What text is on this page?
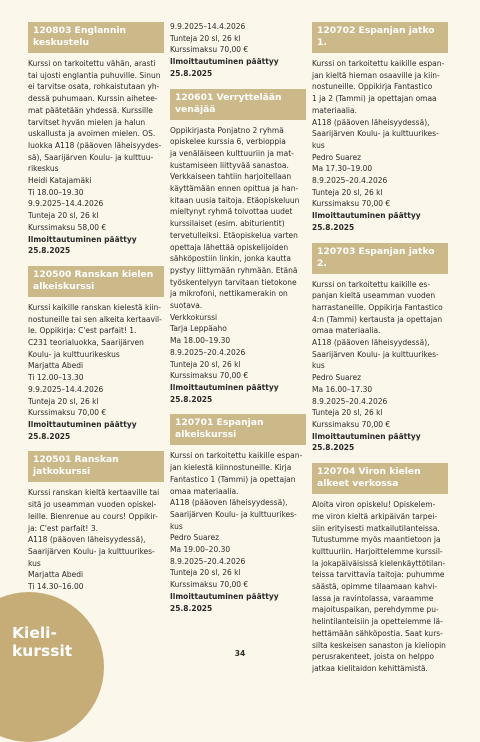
120803 Englannin keskustelu

Kurssi on tarkoitettu vähän, arasti

tai ujosti englantia puhuville. Sinun

ei tarvitse osata, rohkaistutaan yh-

dessä puhumaan. Kurssin aiheteе-

mat päätetään yhdessä. Kurssille

tarvitset hyvän mielen ja halun

uskallusta ja avoimen mielen. OS.

luokka A118 (pääoven läheisyydes-

sä), Saarijärven Koulu- ja kulttuu-

rikeskus

Heidi Katajamäki

Ti 18.00–19.30

9.9.2025–14.4.2026

Tunteja 20 sl, 26 kl

Kurssimaksu 58,00 €

Ilmoittautuminen päättyy

25.8.2025

120500 Ranskan kielen alkeiskurssi

Kurssi kaikille ranskan kielestä kiin-

nostuneille tai sen alkeita kertaavil-

le. Oppikirja: C'est parfait! 1.

C231 teorialuokka, Saarijärven

Koulu- ja kulttuurikeskus

Marjatta Abedi

Ti 12.00–13.30

9.9.2025–14.4.2026

Tunteja 20 sl, 26 kl

Kurssimaksu 70,00 €

Ilmoittautuminen päättyy

25.8.2025

120501 Ranskan jatkokurssi

Kurssi ranskan kieltä kertaaville tai

sitä jo useamman vuoden opiskel-

leille. Bienrenue au cours! Oppikir-

ja: C'est parfait! 3.

A118 (pääoven läheisyydessä),

Saarijärven Koulu- ja kulttuurikes-

kus

Marjatta Abedi

Ti 14.30–16.00

9.9.2025–14.4.2026

Tunteja 20 sl, 26 kl

Kurssimaksu 70,00 €

Ilmoittautuminen päättyy

25.8.2025

120601 Verryttelään venäjää

Oppikirjasta Ponjatno 2 ryhmä

opiskelee kurssia 6, verbioppia

ja venäläiseen kulttuuriin ja mat-

kustamiseen liittyvää sanastoa.

Verkkaiseen tahtiin harjoitellaan

käyttämään ennen opittua ja han-

kitaan uusia taitoja. Etäopiskeluun

mieltynyt ryhmä toivottaa uudet

kurssilaiset (esim. abiturientit)

tervetulleiksi. Etäopiskelua varten

opettaja lähettää opiskelijoiden

sähköpostiin linkin, jonka kautta

pystyy liittymään ryhmään. Etänä

työskentelyyn tarvitaan tietokone

ja mikrofoni, nettikamerakin on

suotava.

Verkkokurssi

Tarja Leppäaho

Ma 18.00–19.30

8.9.2025–20.4.2026

Tunteja 20 sl, 26 kl

Kurssimaksu 70,00 €

Ilmoittautuminen päättyy

25.8.2025

120701 Espanjan alkeiskurssi

Kurssi on tarkoitettu kaikille espan-

jan kielestä kiinnostuneille. Kirja

Fantastico 1 (Tammi) ja opettajan

omaa materiaalia.

A118 (pääoven läheisyydessä),

Saarijärven Koulu- ja kulttuurikes-

kus

Pedro Suarez

Ma 19.00–20.30

8.9.2025–20.4.2026

Tunteja 20 sl, 26 kl

Kurssimaksu 70,00 €

Ilmoittautuminen päättyy

25.8.2025

120702 Espanjan jatko 1.

Kurssi on tarkoitettu kaikille espan-

jan kieltä hieman osaaville ja kiin-

nostuneille. Oppikirja Fantastico

1 ja 2 (Tammi) ja opettajan omaa

materiaalia.

A118 (pääoven läheisyydessä),

Saarijärven Koulu- ja kulttuurikes-

kus

Pedro Suarez

Ma 17.30–19.00

8.9.2025–20.4.2026

Tunteja 20 sl, 26 kl

Kurssimaksu 70,00 €

Ilmoittautuminen päättyy

25.8.2025

120703 Espanjan jatko 2.

Kurssi on tarkoitettu kaikille es-

panjan kieltä useamman vuoden

harrastaneille. Oppikirja Fantastico

4:n (Tammi) kertausta ja opettajan

omaa materiaalia.

A118 (pääoven läheisyydessä),

Saarijärven Koulu- ja kulttuurikes-

kus

Pedro Suarez

Ma 16.00–17.30

8.9.2025–20.4.2026

Tunteja 20 sl, 26 kl

Kurssimaksu 70,00 €

Ilmoittautuminen päättyy

25.8.2025

120704 Viron kielen alkeet verkossa

Aloita viron opiskelu! Opiskelem-

me viron kieltä arkipäivän tarpei-

siin erityisesti matkailutilanteissa.

Tutustumme myös maantietoon ja

kulttuuriin. Harjoittelemme kurssil-

la jokapäiväisissä kielenkäyttötilan-

teissa tarvittavia taitoja: puhumme

säästä, opimme tilaamaan kahvi-

lassa ja ravintolassa, varaamme

majoituspaikan, perehdymme pu-

helintilanteisiin ja opettelemme lä-

hettämään sähköpostia. Saat kurs-

silta keskeisen sanaston ja kieliopin

perusrakenteet, joista on helppo

jatkaa kielitaidon kehittämistä.

Kieli-
kurssit	34
